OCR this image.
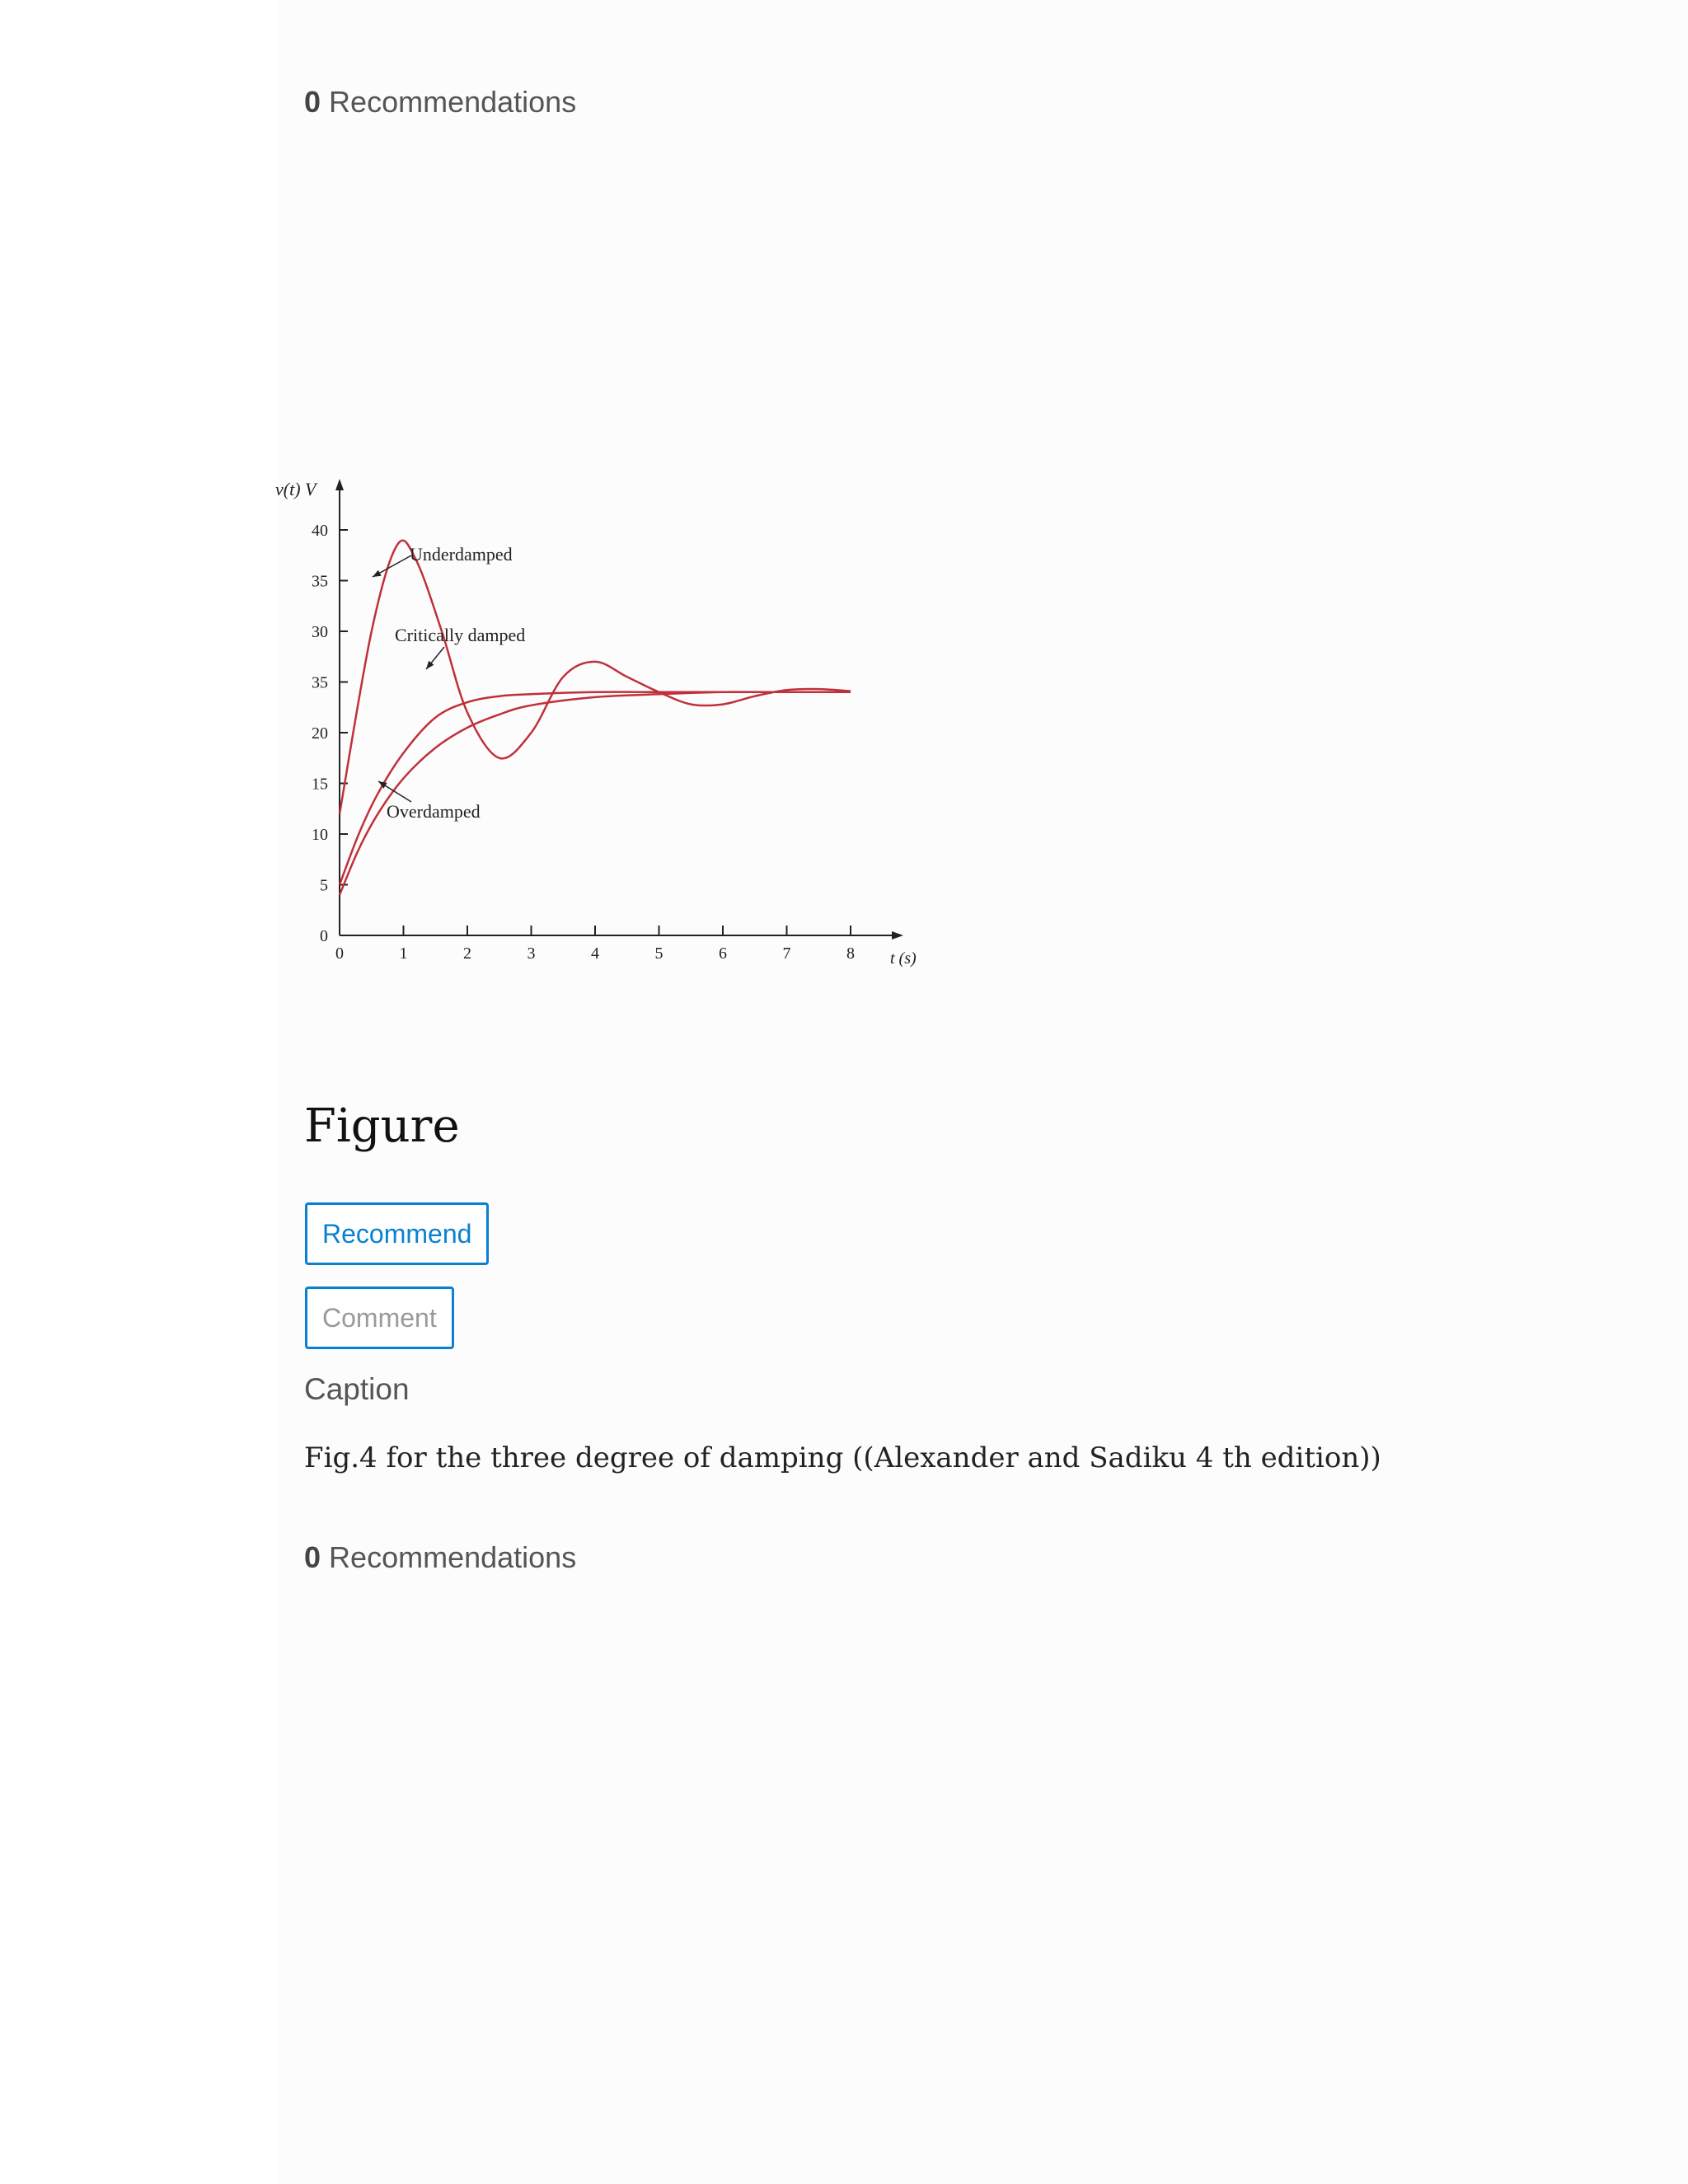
0 Recommendations
40
35
30
35
20
15
10
5
0
0	1	2	3	4	5	6	7	8
v(t) V
t (s)
Underdamped
Critically damped
Overdamped
Figure
Recommend
Comment
Caption
Fig.4 for the three degree of damping ((Alexander and Sadiku 4 th edition))
0 Recommendations
